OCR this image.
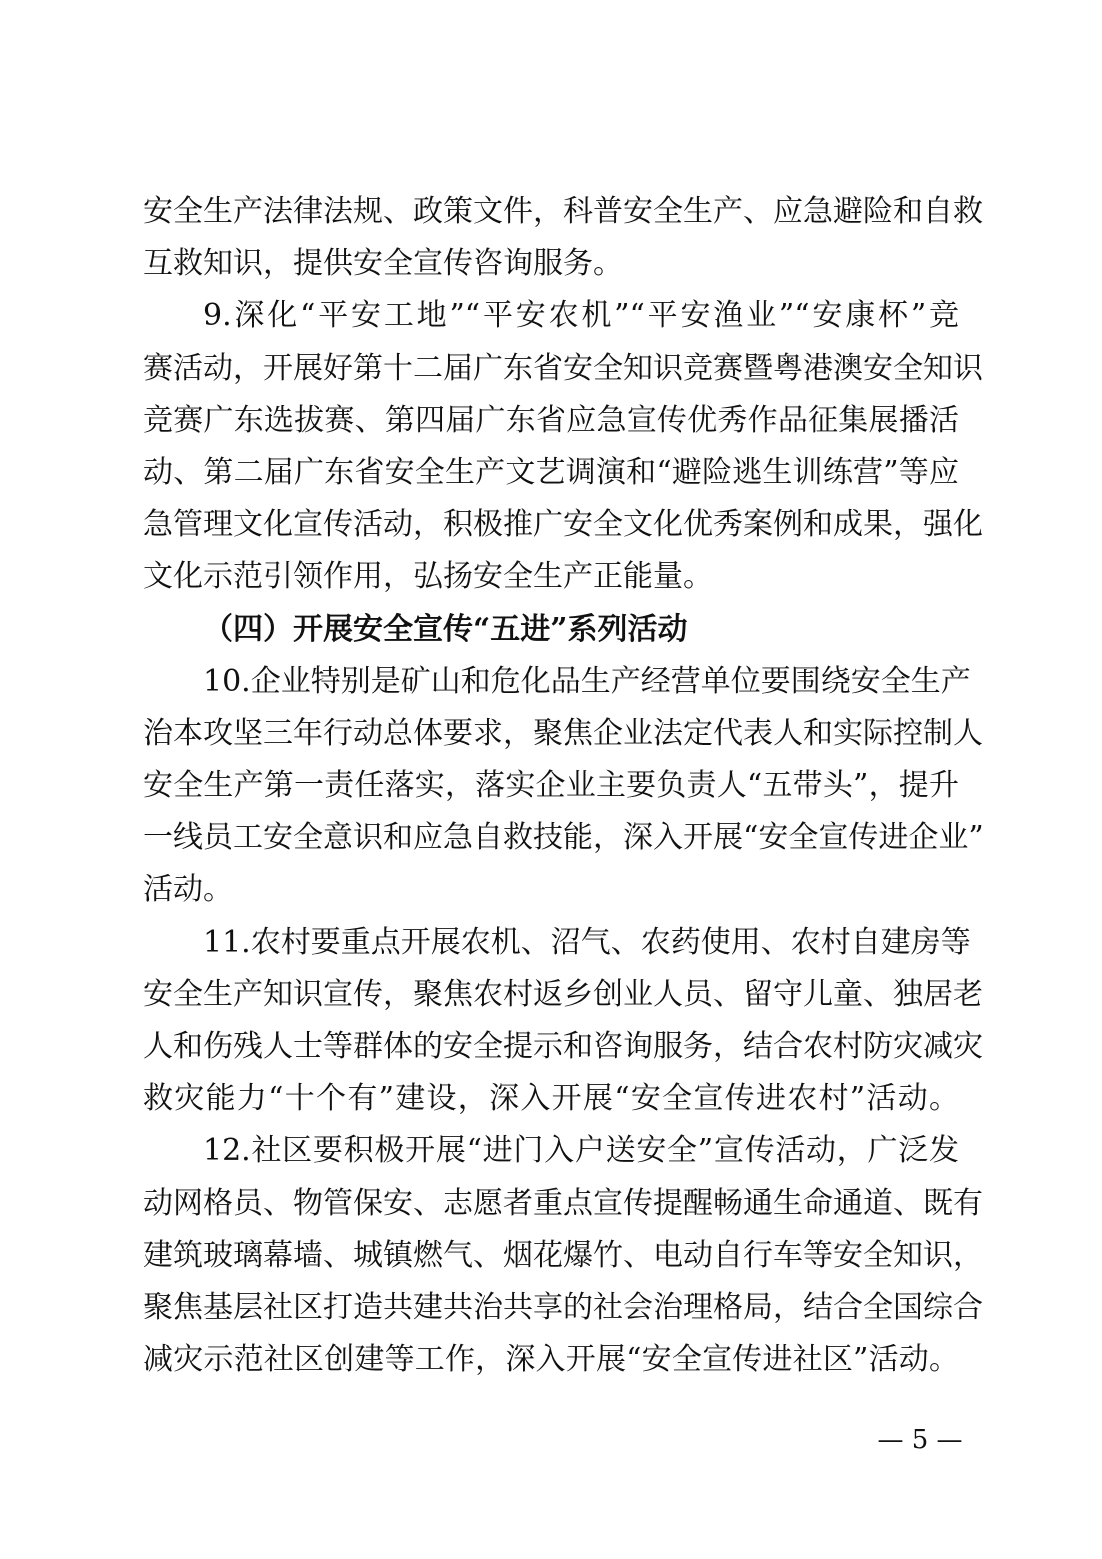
安全生产法律法规、政策文件，科普安全生产、应急避险和自救
互救知识，提供安全宣传咨询服务。
9.深化“平安工地”“平安农机”“平安渔业”“安康杯”竞
赛活动，开展好第十二届广东省安全知识竞赛暨粤港澳安全知识
竞赛广东选拔赛、第四届广东省应急宣传优秀作品征集展播活
动、第二届广东省安全生产文艺调演和“避险逃生训练营”等应
急管理文化宣传活动，积极推广安全文化优秀案例和成果，强化
文化示范引领作用，弘扬安全生产正能量。
（四）开展安全宣传“五进”系列活动
10.企业特别是矿山和危化品生产经营单位要围绕安全生产
治本攻坚三年行动总体要求，聚焦企业法定代表人和实际控制人
安全生产第一责任落实，落实企业主要负责人“五带头”，提升
一线员工安全意识和应急自救技能，深入开展“安全宣传进企业”
活动。
11.农村要重点开展农机、沼气、农药使用、农村自建房等
安全生产知识宣传，聚焦农村返乡创业人员、留守儿童、独居老
人和伤残人士等群体的安全提示和咨询服务，结合农村防灾减灾
救灾能力“十个有”建设，深入开展“安全宣传进农村”活动。
12.社区要积极开展“进门入户送安全”宣传活动，广泛发
动网格员、物管保安、志愿者重点宣传提醒畅通生命通道、既有
建筑玻璃幕墙、城镇燃气、烟花爆竹、电动自行车等安全知识，
聚焦基层社区打造共建共治共享的社会治理格局，结合全国综合
减灾示范社区创建等工作，深入开展“安全宣传进社区”活动。
— 5 —
